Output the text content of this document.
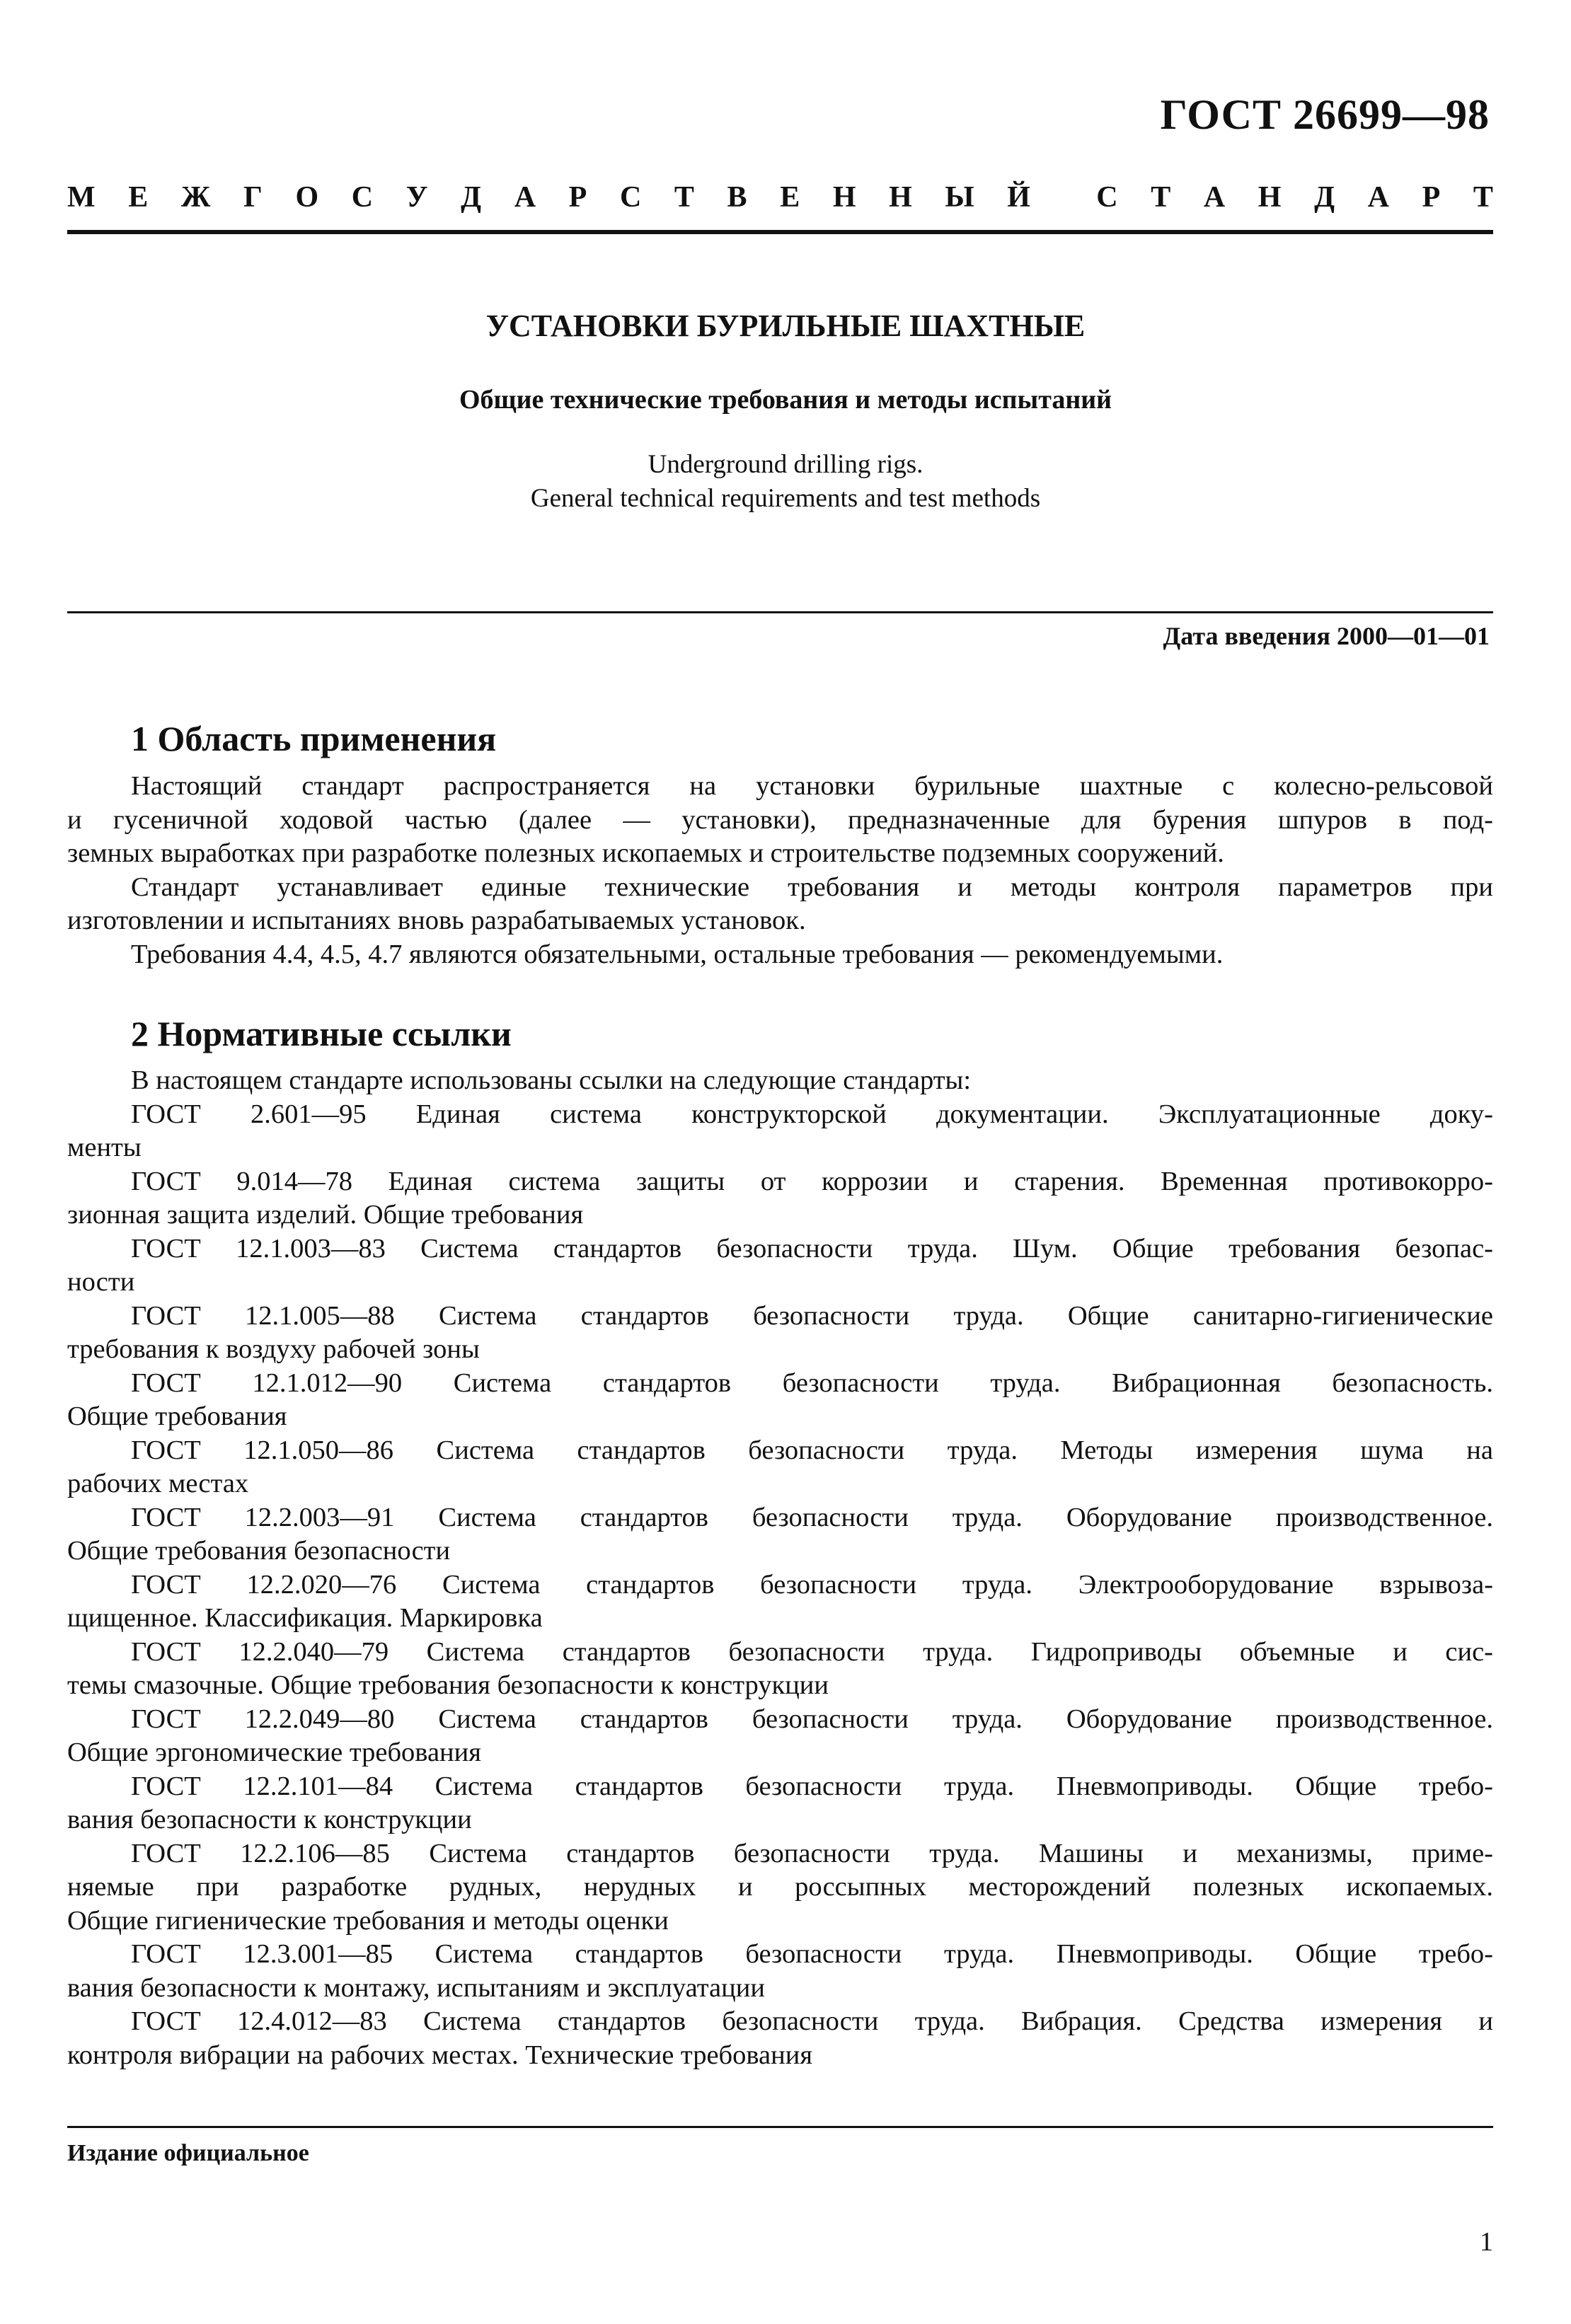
ГОСТ 26699—98
М Е Ж Г О С У Д А Р С Т В Е Н Н Ы Й С Т А Н Д А Р Т
УСТАНОВКИ БУРИЛЬНЫЕ ШАХТНЫЕ
Общие технические требования и методы испытаний
Underground drilling rigs.
General technical requirements and test methods
Дата введения 2000—01—01
1 Область применения
Настоящий стандарт распространяется на установки бурильные шахтные с колесно-рельсовой
и гусеничной ходовой частью (далее — установки), предназначенные для бурения шпуров в под-
земных выработках при разработке полезных ископаемых и строительстве подземных сооружений.
Стандарт устанавливает единые технические требования и методы контроля параметров при
изготовлении и испытаниях вновь разрабатываемых установок.
Требования 4.4, 4.5, 4.7 являются обязательными, остальные требования — рекомендуемыми.
2 Нормативные ссылки
В настоящем стандарте использованы ссылки на следующие стандарты:
ГОСТ 2.601—95 Единая система конструкторской документации. Эксплуатационные доку-
менты
ГОСТ 9.014—78 Единая система защиты от коррозии и старения. Временная противокорро-
зионная защита изделий. Общие требования
ГОСТ 12.1.003—83 Система стандартов безопасности труда. Шум. Общие требования безопас-
ности
ГОСТ 12.1.005—88 Система стандартов безопасности труда. Общие санитарно-гигиенические
требования к воздуху рабочей зоны
ГОСТ 12.1.012—90 Система стандартов безопасности труда. Вибрационная безопасность.
Общие требования
ГОСТ 12.1.050—86 Система стандартов безопасности труда. Методы измерения шума на
рабочих местах
ГОСТ 12.2.003—91 Система стандартов безопасности труда. Оборудование производственное.
Общие требования безопасности
ГОСТ 12.2.020—76 Система стандартов безопасности труда. Электрооборудование взрывоза-
щищенное. Классификация. Маркировка
ГОСТ 12.2.040—79 Система стандартов безопасности труда. Гидроприводы объемные и сис-
темы смазочные. Общие требования безопасности к конструкции
ГОСТ 12.2.049—80 Система стандартов безопасности труда. Оборудование производственное.
Общие эргономические требования
ГОСТ 12.2.101—84 Система стандартов безопасности труда. Пневмоприводы. Общие требо-
вания безопасности к конструкции
ГОСТ 12.2.106—85 Система стандартов безопасности труда. Машины и механизмы, приме-
няемые при разработке рудных, нерудных и россыпных месторождений полезных ископаемых.
Общие гигиенические требования и методы оценки
ГОСТ 12.3.001—85 Система стандартов безопасности труда. Пневмоприводы. Общие требо-
вания безопасности к монтажу, испытаниям и эксплуатации
ГОСТ 12.4.012—83 Система стандартов безопасности труда. Вибрация. Средства измерения и
контроля вибрации на рабочих местах. Технические требования
Издание официальное
1
